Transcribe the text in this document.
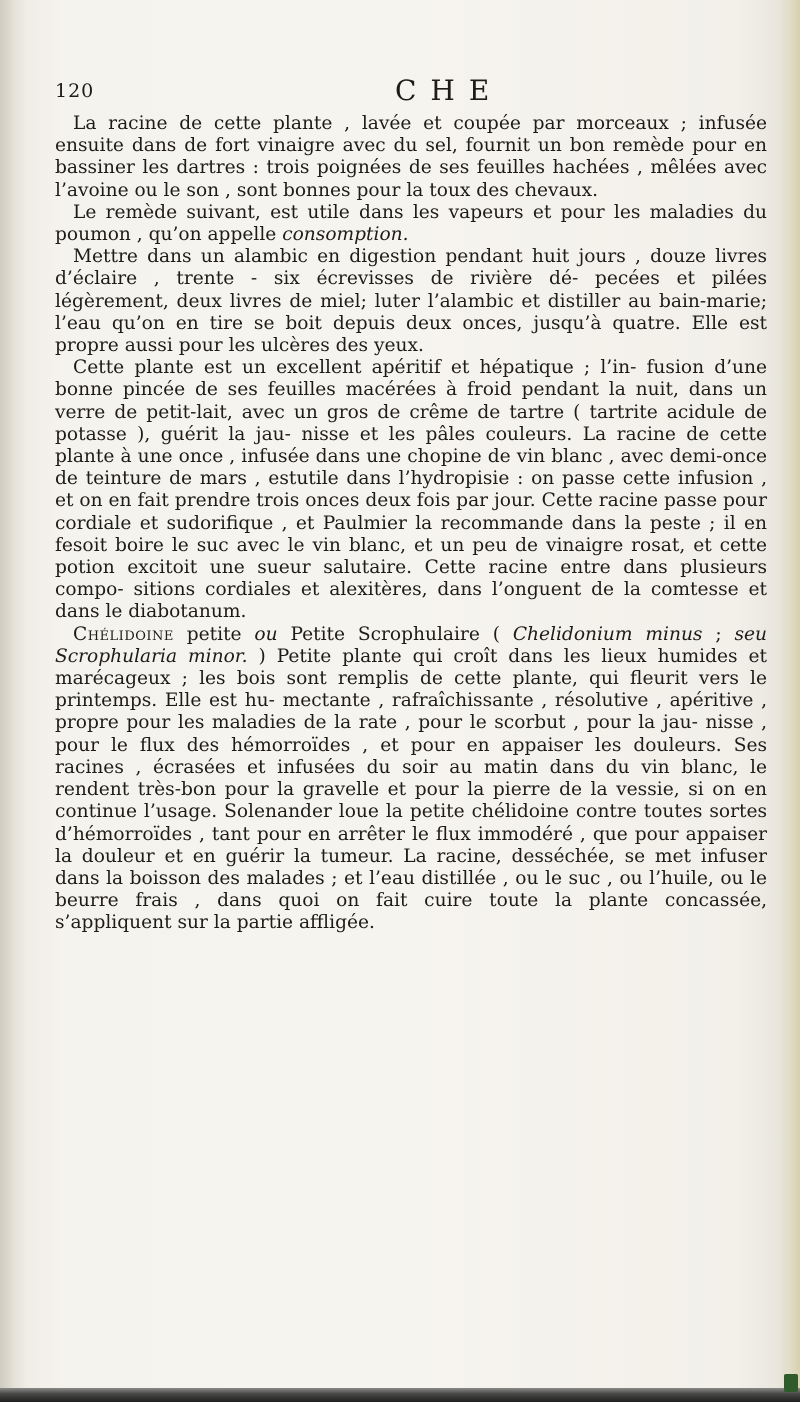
120	CHE

La racine de cette plante , lavée et coupée par morceaux ; infusée ensuite dans de fort vinaigre avec du sel, fournit un bon remède pour en bassiner les dartres : trois poignées de ses feuilles hachées , mêlées avec l’avoine ou le son , sont bonnes pour la toux des chevaux.

Le remède suivant, est utile dans les vapeurs et pour les maladies du poumon , qu’on appelle consomption.

Mettre dans un alambic en digestion pendant huit jours , douze livres d’éclaire , trente - six écrevisses de rivière dé- pecées et pilées légèrement, deux livres de miel; luter l’alambic et distiller au bain-marie; l’eau qu’on en tire se boit depuis deux onces, jusqu’à quatre. Elle est propre aussi pour les ulcères des yeux.

Cette plante est un excellent apéritif et hépatique ; l’in- fusion d’une bonne pincée de ses feuilles macérées à froid pendant la nuit, dans un verre de petit-lait, avec un gros de crême de tartre ( tartrite acidule de potasse ), guérit la jau- nisse et les pâles couleurs. La racine de cette plante à une once , infusée dans une chopine de vin blanc , avec demi-once de teinture de mars , estutile dans l’hydropisie : on passe cette infusion , et on en fait prendre trois onces deux fois par jour. Cette racine passe pour cordiale et sudorifique , et Paulmier la recommande dans la peste ; il en fesoit boire le suc avec le vin blanc, et un peu de vinaigre rosat, et cette potion excitoit une sueur salutaire. Cette racine entre dans plusieurs compo- sitions cordiales et alexitères, dans l’onguent de la comtesse et dans le diabotanum.

Chélidoine petite ou Petite Scrophulaire ( Chelidonium minus ; seu Scrophularia minor. ) Petite plante qui croît dans les lieux humides et marécageux ; les bois sont remplis de cette plante, qui fleurit vers le printemps. Elle est hu- mectante , rafraîchissante , résolutive , apéritive , propre pour les maladies de la rate , pour le scorbut , pour la jau- nisse , pour le flux des hémorroïdes , et pour en appaiser les douleurs. Ses racines , écrasées et infusées du soir au matin dans du vin blanc, le rendent très-bon pour la gravelle et pour la pierre de la vessie, si on en continue l’usage. Solenander loue la petite chélidoine contre toutes sortes d’hémorroïdes , tant pour en arrêter le flux immodéré , que pour appaiser la douleur et en guérir la tumeur. La racine, desséchée, se met infuser dans la boisson des malades ; et l’eau distillée , ou le suc , ou l’huile, ou le beurre frais , dans quoi on fait cuire toute la plante concassée, s’appliquent sur la partie affligée.
